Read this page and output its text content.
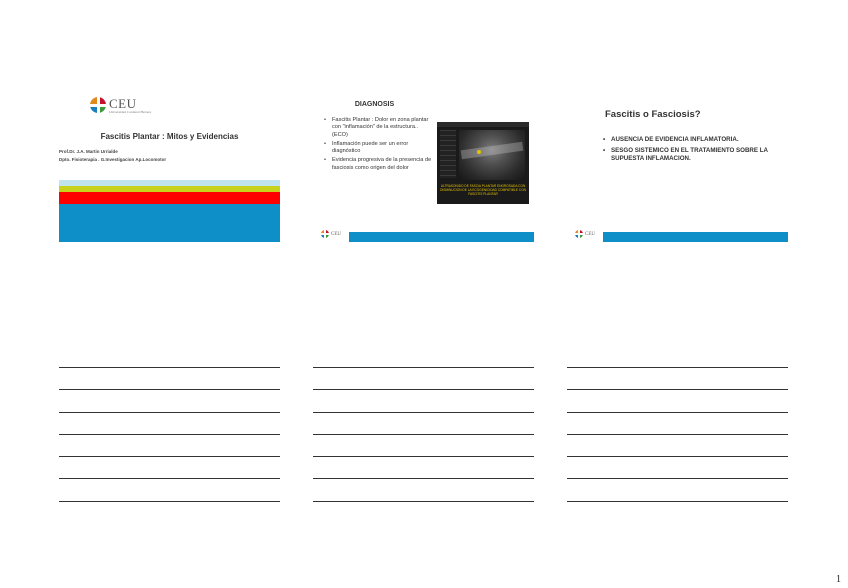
CEU
Universidad Cardenal Herrera
Fascitis Plantar : Mitos y Evidencias
Prof.Dr. J.A. Martin Urrialde
Dpto. Fisioterapia . G.Investigacion Ap.Locomotor
DIAGNOSIS
• Fascitis Plantar : Dolor en zona plantar con "inflamación" de la estructura..(ECO)
• Inflamación puede ser un error diagnóstico
• Evidencia progresiva de la presencia de fasciosis como origen del dolor
ULTRASONIDO DE FASCIA PLANTAR ENGROSADA CON DISMINUCION DE LA ECOGENICIDAD COMPATIBLE CON FASCITIS PLANTAR
CEU
Fascitis o Fasciosis?
• AUSENCIA DE EVIDENCIA INFLAMATORIA.
• SESGO SISTEMICO EN EL TRATAMIENTO SOBRE LA SUPUESTA INFLAMACION.
CEU
1
